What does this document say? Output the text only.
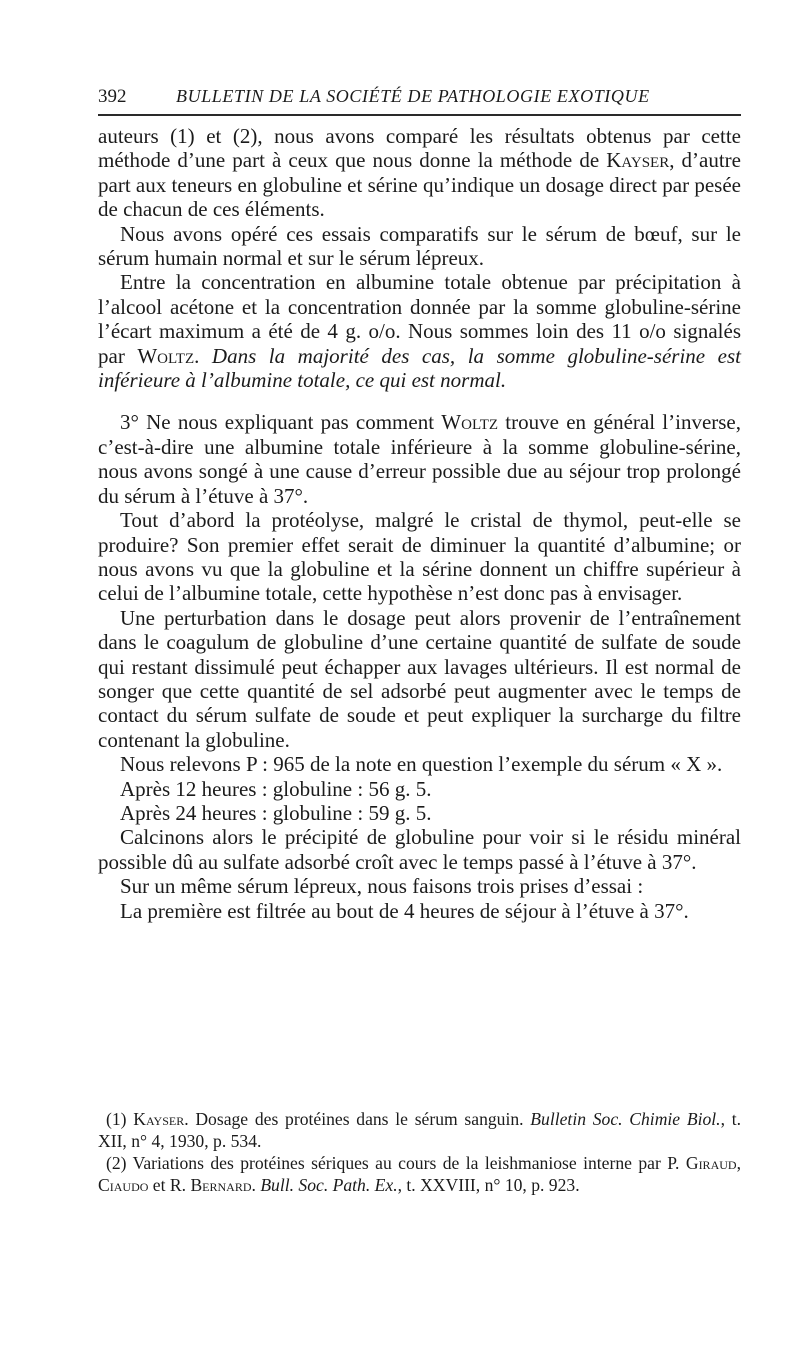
392	BULLETIN DE LA SOCIÉTÉ DE PATHOLOGIE EXOTIQUE

auteurs (1) et (2), nous avons comparé les résultats obtenus par cette méthode d’une part à ceux que nous donne la méthode de Kayser, d’autre part aux teneurs en globuline et sérine qu’indique un dosage direct par pesée de chacun de ces éléments.

Nous avons opéré ces essais comparatifs sur le sérum de bœuf, sur le sérum humain normal et sur le sérum lépreux.

Entre la concentration en albumine totale obtenue par précipitation à l’alcool acétone et la concentration donnée par la somme globuline-sérine l’écart maximum a été de 4 g. o/o. Nous sommes loin des 11 o/o signalés par Woltz. Dans la majorité des cas, la somme globuline-sérine est inférieure à l’albumine totale, ce qui est normal.

3° Ne nous expliquant pas comment Woltz trouve en général l’inverse, c’est-à-dire une albumine totale inférieure à la somme globuline-sérine, nous avons songé à une cause d’erreur possible due au séjour trop prolongé du sérum à l’étuve à 37°.

Tout d’abord la protéolyse, malgré le cristal de thymol, peut-elle se produire? Son premier effet serait de diminuer la quantité d’albumine; or nous avons vu que la globuline et la sérine donnent un chiffre supérieur à celui de l’albumine totale, cette hypothèse n’est donc pas à envisager.

Une perturbation dans le dosage peut alors provenir de l’entraînement dans le coagulum de globuline d’une certaine quantité de sulfate de soude qui restant dissimulé peut échapper aux lavages ultérieurs. Il est normal de songer que cette quantité de sel adsorbé peut augmenter avec le temps de contact du sérum sulfate de soude et peut expliquer la surcharge du filtre contenant la globuline.

Nous relevons P : 965 de la note en question l’exemple du sérum « X ».

Après 12 heures : globuline : 56 g. 5.

Après 24 heures : globuline : 59 g. 5.

Calcinons alors le précipité de globuline pour voir si le résidu minéral possible dû au sulfate adsorbé croît avec le temps passé à l’étuve à 37°.

Sur un même sérum lépreux, nous faisons trois prises d’essai :

La première est filtrée au bout de 4 heures de séjour à l’étuve à 37°.

(1) Kayser. Dosage des protéines dans le sérum sanguin. Bulletin Soc. Chimie Biol., t. XII, n° 4, 1930, p. 534.

(2) Variations des protéines sériques au cours de la leishmaniose interne par P. Giraud, Ciaudo et R. Bernard. Bull. Soc. Path. Ex., t. XXVIII, n° 10, p. 923.
